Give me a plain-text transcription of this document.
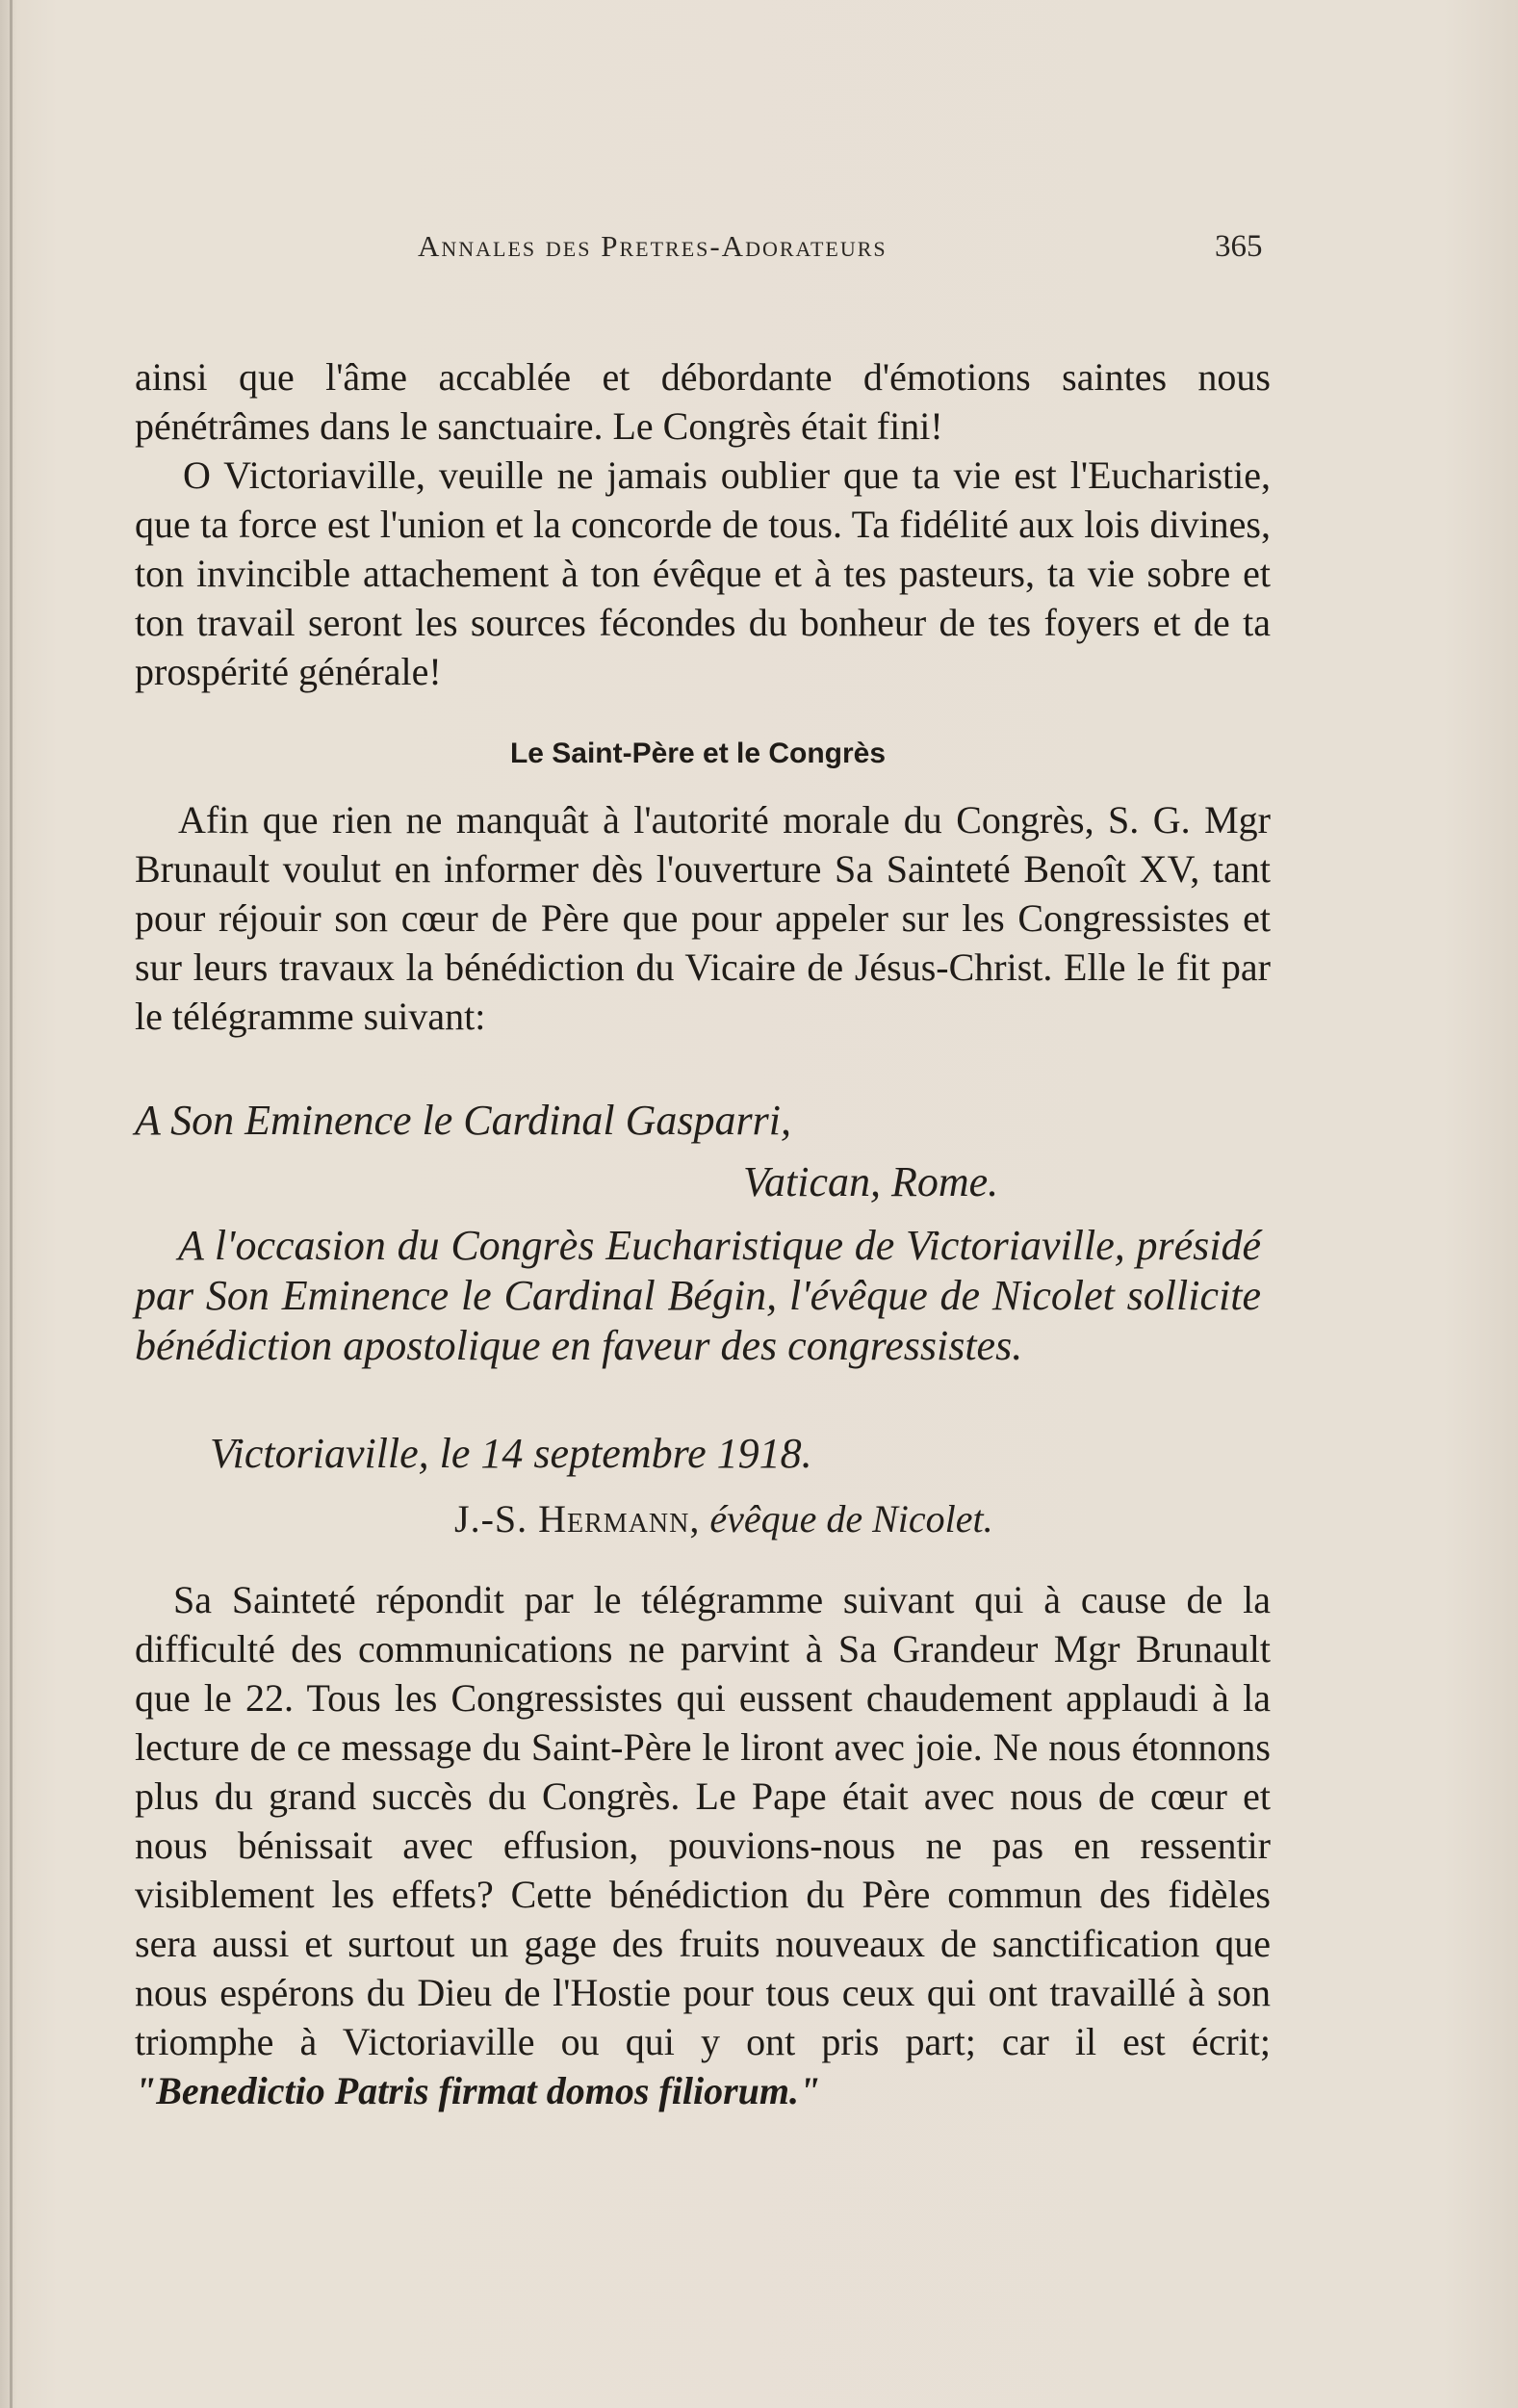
Annales des Pretres-Adorateurs	365

ainsi que l'âme accablée et débordante d'émotions saintes nous pénétrâmes dans le sanctuaire. Le Congrès était fini!

O Victoriaville, veuille ne jamais oublier que ta vie est l'Eucharistie, que ta force est l'union et la concorde de tous. Ta fidélité aux lois divines, ton invincible attachement à ton évêque et à tes pasteurs, ta vie sobre et ton travail seront les sources fécondes du bonheur de tes foyers et de ta prospérité générale!

Le Saint-Père et le Congrès

Afin que rien ne manquât à l'autorité morale du Congrès, S. G. Mgr Brunault voulut en informer dès l'ouverture Sa Sainteté Benoît XV, tant pour réjouir son cœur de Père que pour appeler sur les Congressistes et sur leurs travaux la bénédiction du Vicaire de Jésus-Christ. Elle le fit par le télégramme suivant:

A Son Eminence le Cardinal Gasparri,
Vatican, Rome.
A l'occasion du Congrès Eucharistique de Victoriaville, présidé par Son Eminence le Cardinal Bégin, l'évêque de Nicolet sollicite bénédiction apostolique en faveur des congressistes.
Victoriaville, le 14 septembre 1918.
J.-S. Hermann, évêque de Nicolet.

Sa Sainteté répondit par le télégramme suivant qui à cause de la difficulté des communications ne parvint à Sa Grandeur Mgr Brunault que le 22. Tous les Congressistes qui eussent chaudement applaudi à la lecture de ce message du Saint-Père le liront avec joie. Ne nous étonnons plus du grand succès du Congrès. Le Pape était avec nous de cœur et nous bénissait avec effusion, pouvions-nous ne pas en ressentir visiblement les effets? Cette bénédiction du Père commun des fidèles sera aussi et surtout un gage des fruits nouveaux de sanctification que nous espérons du Dieu de l'Hostie pour tous ceux qui ont travaillé à son triomphe à Victoriaville ou qui y ont pris part; car il est écrit; "Benedictio Patris firmat domos filiorum."
